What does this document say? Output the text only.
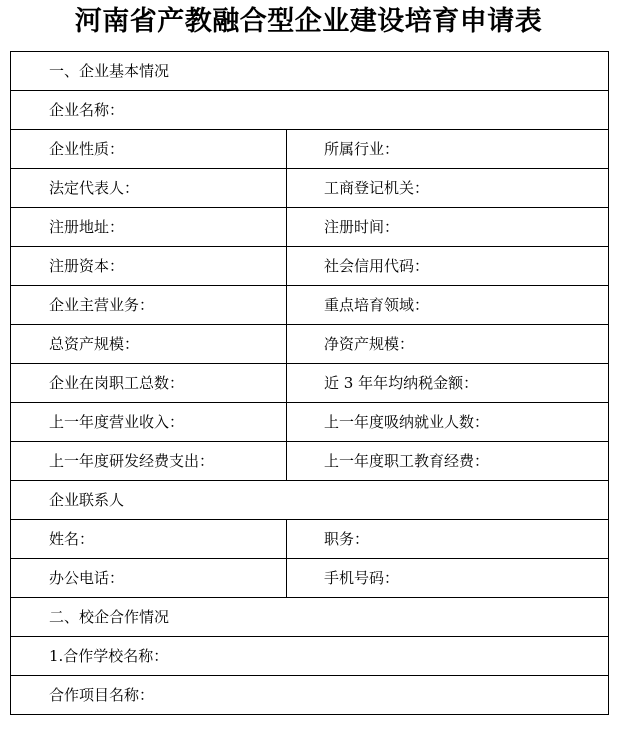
河南省产教融合型企业建设培育申请表
一、企业基本情况	
企业名称：	
企业性质：	所属行业：
法定代表人：	工商登记机关：
注册地址：	注册时间：
注册资本：	社会信用代码：
企业主营业务：	重点培育领域：
总资产规模：	净资产规模：
企业在岗职工总数：	近 3 年年均纳税金额：
上一年度营业收入：	上一年度吸纳就业人数：
上一年度研发经费支出：	上一年度职工教育经费：
企业联系人	
姓名：	职务：
办公电话：	手机号码：
二、校企合作情况	
1.合作学校名称：	
合作项目名称：	
